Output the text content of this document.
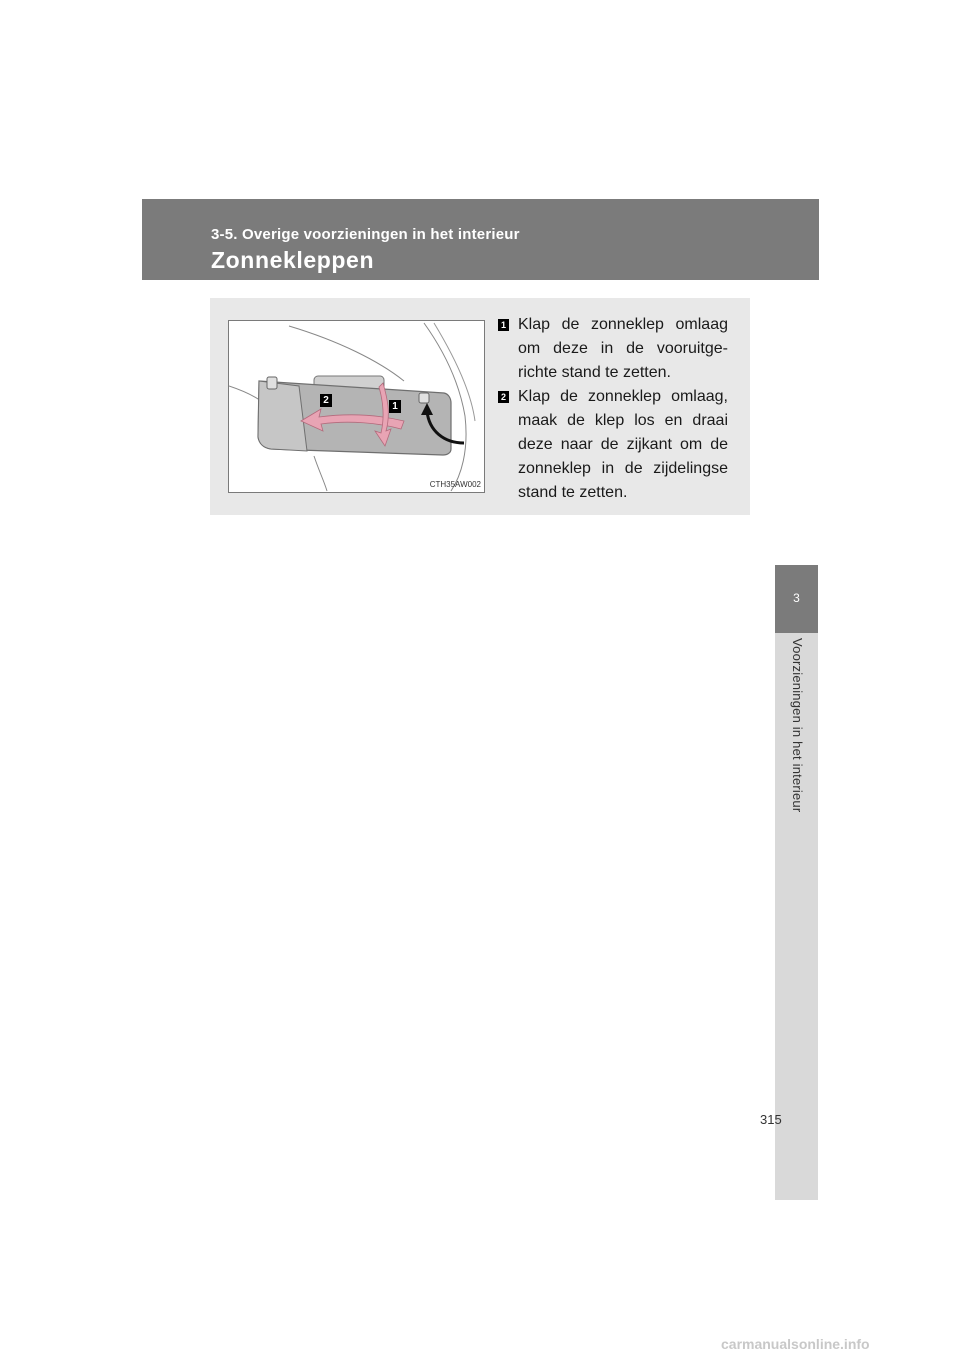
3-5. Overige voorzieningen in het interieur
Zonnekleppen
2
1
CTH35AW002
1 Klap de zonneklep omlaag om deze in de vooruitge-richte stand te zetten.
2 Klap de zonneklep omlaag, maak de klep los en draai deze naar de zijkant om de zonneklep in de zijdelingse stand te zetten.
3
Voorzieningen in het interieur
315
carmanualsonline.info
